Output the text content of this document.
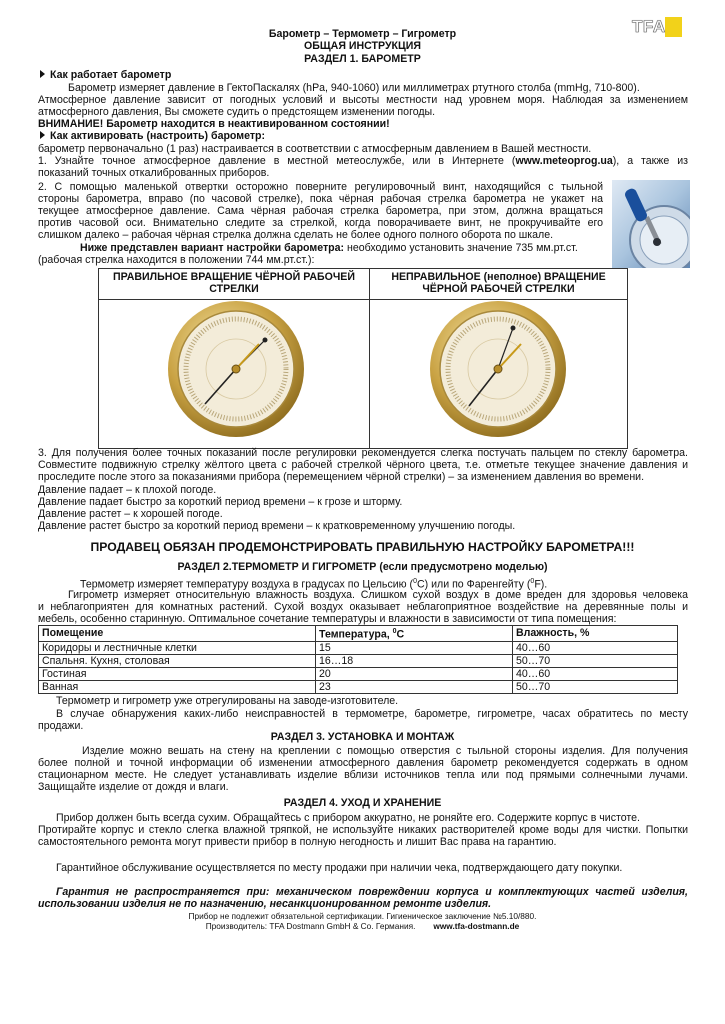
TFA
Барометр – Термометр – Гигрометр
ОБЩАЯ ИНСТРУКЦИЯ
РАЗДЕЛ 1. БАРОМЕТР
Как работает барометр
Барометр измеряет давление в ГектоПаскалях (hPa, 940-1060) или миллиметрах ртутного столба (mmHg, 710-800).
Атмосферное давление зависит от погодных условий и высоты местности над уровнем моря. Наблюдая за изменением
атмосферного давления, Вы сможете судить о предстоящем изменении погоды.
ВНИМАНИЕ! Барометр находится в неактивированном состоянии!
Как активировать (настроить) барометр:
барометр первоначально (1 раз) настраивается в соответствии с атмосферным давлением в Вашей местности.
1. Узнайте точное атмосферное давление в местной метеослужбе, или в Интернете (www.meteoprog.ua), а также из
показаний точных откалиброванных приборов.
2. С помощью маленькой отвертки осторожно поверните регулировочный винт, находящийся с тыльной
стороны барометра, вправо (по часовой стрелке), пока чёрная рабочая стрелка барометра не укажет на
текущее атмосферное давление. Сама чёрная рабочая стрелка барометра, при этом, должна вращаться
против часовой оси. Внимательно следите за стрелкой, когда поворачиваете винт, не прокручивайте его
слишком далеко – рабочая чёрная стрелка должна сделать не более одного полного оборота по шкале.
Ниже представлен вариант настройки барометра: необходимо установить значение 735 мм.рт.ст.
(рабочая стрелка находится в положении 744 мм.рт.ст.):
ПРАВИЛЬНОЕ ВРАЩЕНИЕ ЧЁРНОЙ РАБОЧЕЙ СТРЕЛКИ	НЕПРАВИЛЬНОЕ (неполное) ВРАЩЕНИЕ ЧЁРНОЙ РАБОЧЕЙ СТРЕЛКИ

3. Для получения более точных показаний после регулировки рекомендуется слегка постучать пальцем по стеклу барометра.
Совместите подвижную стрелку жёлтого цвета с рабочей стрелкой чёрного цвета, т.е. отметьте текущее значение давления и
проследите после этого за показаниями прибора (перемещением чёрной стрелки) – за изменением давления во времени.
Давление падает – к плохой погоде.
Давление падает быстро за короткий период времени – к грозе и шторму.
Давление растет – к хорошей погоде.
Давление растет быстро за короткий период времени – к кратковременному улучшению погоды.
ПРОДАВЕЦ ОБЯЗАН ПРОДЕМОНСТРИРОВАТЬ ПРАВИЛЬНУЮ НАСТРОЙКУ БАРОМЕТРА!!!
РАЗДЕЛ 2.ТЕРМОМЕТР И ГИГРОМЕТР (если предусмотрено моделью)
Термометр измеряет температуру воздуха в градусах по Цельсию ($^0$C) или по Фаренгейту ($^0$F).
Гигрометр измеряет относительную влажность воздуха. Слишком сухой воздух в доме вреден для здоровья человека
и неблагоприятен для комнатных растений. Сухой воздух оказывает неблагоприятное воздействие на деревянные полы и
мебель, особенно старинную. Оптимальное сочетание температуры и влажности в зависимости от типа помещения:
Помещение	Температура, $^0$C	Влажность, %
Коридоры и лестничные клетки	15	40…60
Спальня. Кухня, столовая	16…18	50…70
Гостиная	20	40…60
Ванная	23	50…70
Термометр и гигрометр уже отрегулированы на заводе-изготовителе.
В случае обнаружения каких-либо неисправностей в термометре, барометре, гигрометре, часах обратитесь по месту
продажи.
РАЗДЕЛ 3. УСТАНОВКА И МОНТАЖ
Изделие можно вешать на стену на креплении с помощью отверстия с тыльной стороны изделия. Для получения
более полной и точной информации об изменении атмосферного давления барометр рекомендуется содержать в одном
стационарном месте. Не следует устанавливать изделие вблизи источников тепла или под прямыми солнечными лучами.
Защищайте изделие от дождя и влаги.
РАЗДЕЛ 4. УХОД И ХРАНЕНИЕ
Прибор должен быть всегда сухим. Обращайтесь с прибором аккуратно, не роняйте его. Содержите корпус в чистоте.
Протирайте корпус и стекло слегка влажной тряпкой, не используйте никаких растворителей кроме воды для чистки. Попытки
самостоятельного ремонта могут привести прибор в полную негодность и лишит Вас права на гарантию.
Гарантийное обслуживание осуществляется по месту продажи при наличии чека, подтверждающего дату покупки.
Гарантия не распространяется при: механическом повреждении корпуса и комплектующих частей изделия,
использовании изделия не по назначению, несанкционированном ремонте изделия.
Прибор не подлежит обязательной сертификации. Гигиеническое заключение №5.10/880.
Производитель: TFA Dostmann GmbH & Co. Германия. www.tfa-dostmann.de
